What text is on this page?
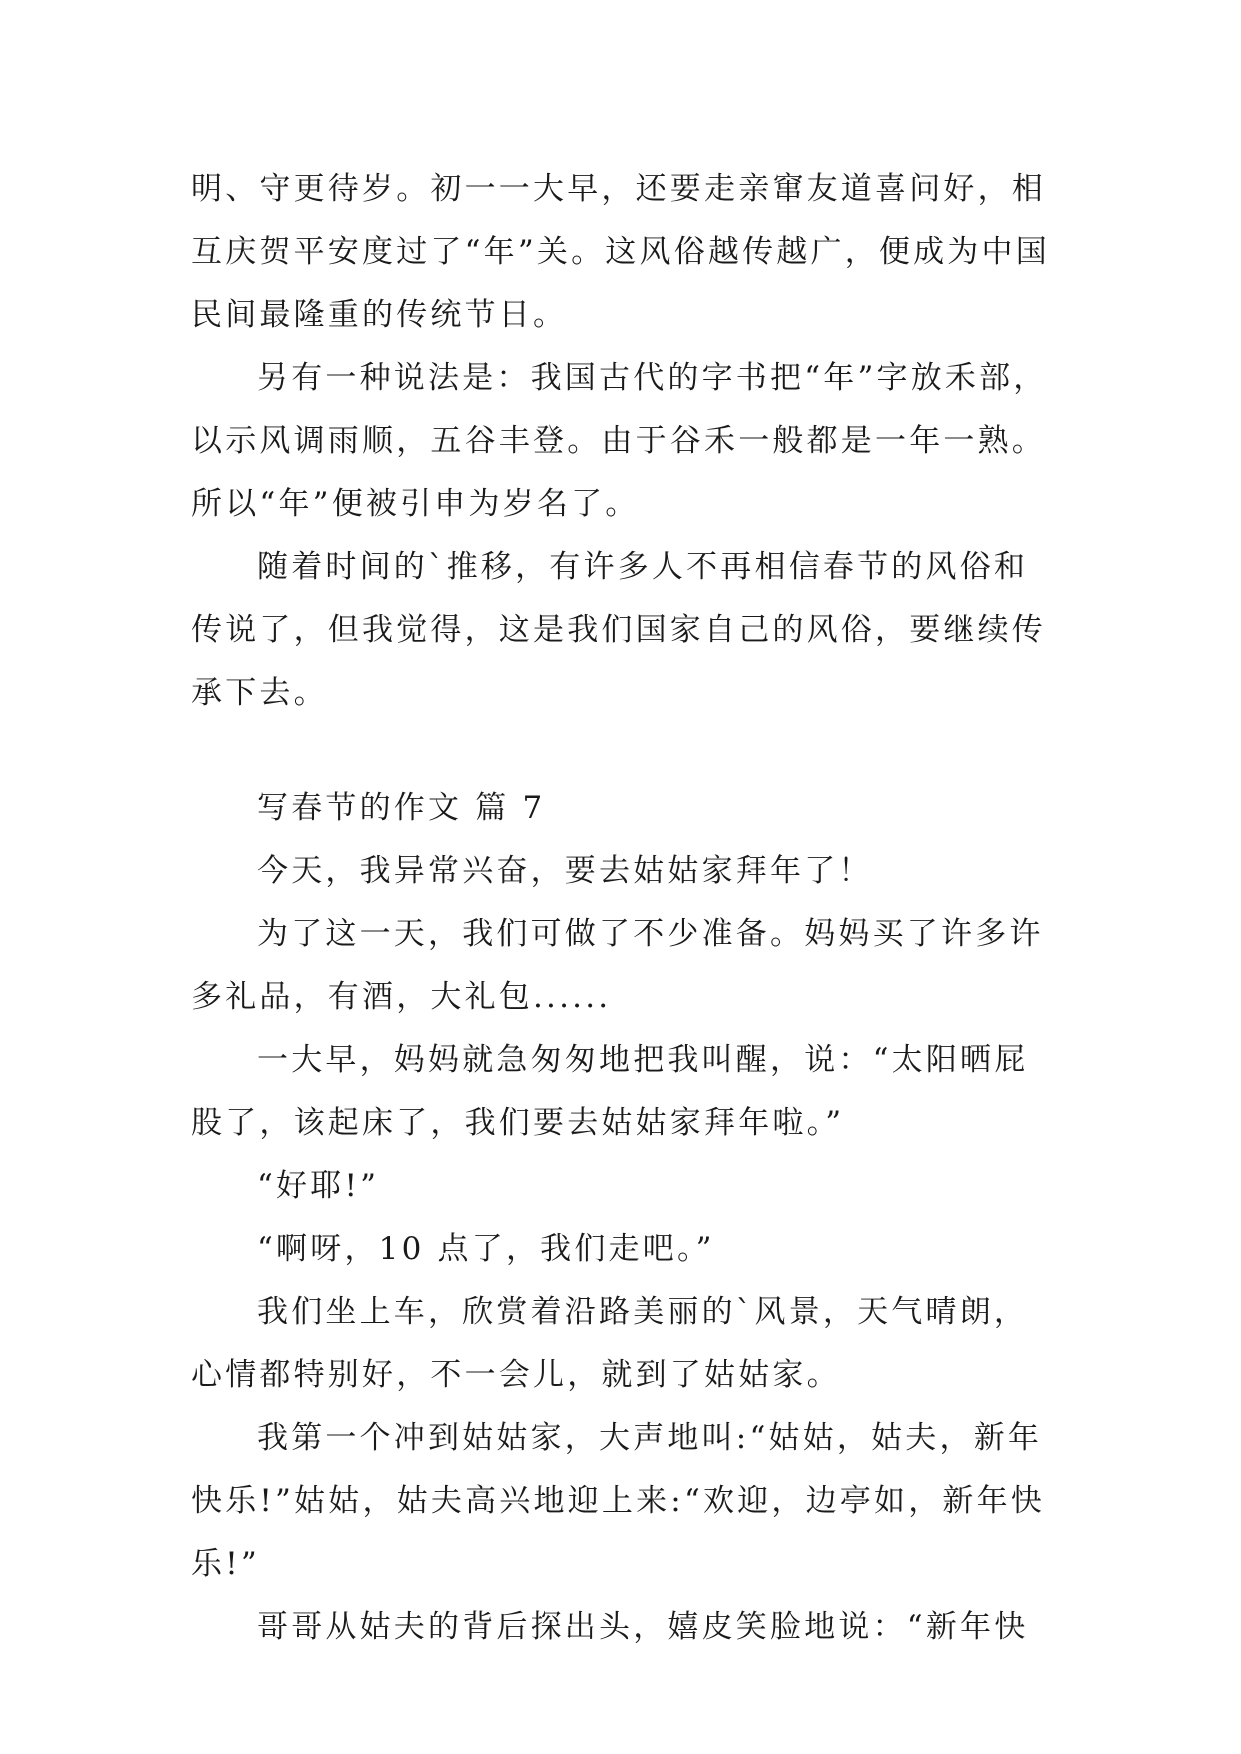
明、守更待岁。初一一大早，还要走亲窜友道喜问好，相互庆贺平安度过了“年”关。这风俗越传越广，便成为中国民间最隆重的传统节日。

另有一种说法是：我国古代的字书把“年”字放禾部，以示风调雨顺，五谷丰登。由于谷禾一般都是一年一熟。所以“年”便被引申为岁名了。

随着时间的`推移，有许多人不再相信春节的风俗和传说了，但我觉得，这是我们国家自己的风俗，要继续传承下去。

写春节的作文 篇 7

今天，我异常兴奋，要去姑姑家拜年了！

为了这一天，我们可做了不少准备。妈妈买了许多许多礼品，有酒，大礼包......

一大早，妈妈就急匆匆地把我叫醒，说：“太阳晒屁股了，该起床了，我们要去姑姑家拜年啦。”

“好耶!”

“啊呀，10 点了，我们走吧。”

我们坐上车，欣赏着沿路美丽的`风景，天气晴朗，心情都特别好，不一会儿，就到了姑姑家。

我第一个冲到姑姑家，大声地叫:“姑姑，姑夫，新年快乐!”姑姑，姑夫高兴地迎上来:“欢迎，边亭如，新年快乐!”

哥哥从姑夫的背后探出头，嬉皮笑脸地说：“新年快
